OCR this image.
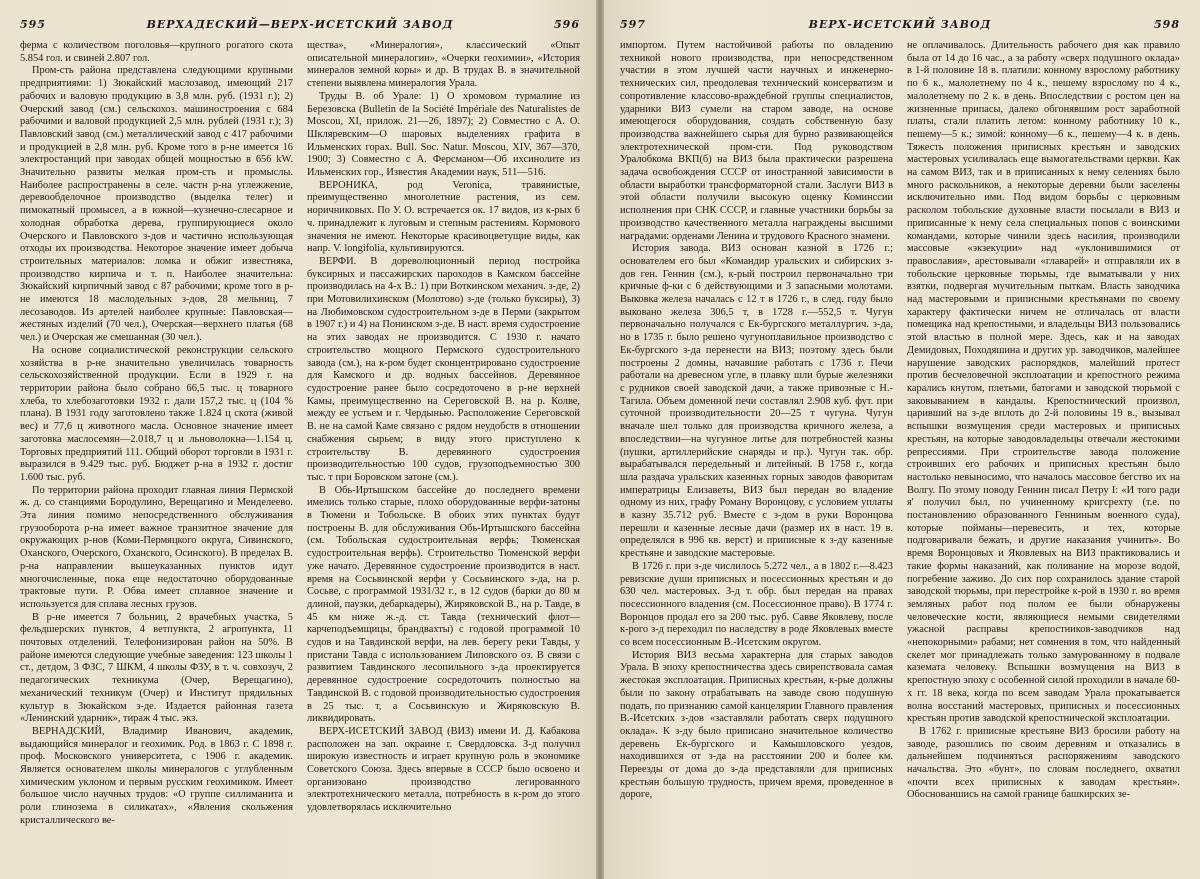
595	ВЕРХАДЕСКИЙ—ВЕРХ-ИСЕТСКИЙ ЗАВОД	596

ферма с количеством поголовья—крупного рогатого скота 5.854 гол. и свиней 2.807 гол.

Пром-сть района представлена следующими крупными предприятиями: 1) Зюкайский маслозавод, имеющий 217 рабочих и валовую продукцию в 3,8 млн. руб. (1931 г.); 2) Очерский завод (см.) сельскохоз. машиностроения с 684 рабочими и валовой продукцией 2,5 млн. рублей (1931 г.); 3) Павловский завод (см.) металлический завод с 417 рабочими и продукцией в 2,8 млн. руб. Кроме того в р-не имеется 16 электростанций при заводах общей мощностью в 656 kW. Значительно развиты мелкая пром-сть и промыслы. Наиболее распространены в селе. частн р-на углежжение, деревообделочное производство (выделка телег) и пимокатный промысел, а в южной—кузнечно-слесарное и холодная обработка дерева, группирующиеся около Очерского и Павловского з-дов и частично использующая отходы их производства. Некоторое значение имеет добыча строительных материалов: ломка и обжиг известняка, производство кирпича и т. п. Наиболее значительна: Зюкайский кирпичный завод с 87 рабочими; кроме того в р-не имеются 18 маслодельных з-дов, 28 мельниц, 7 лесозаводов. Из артелей наиболее крупные: Павловская—жестяных изделий (70 чел.), Очерская—верхнего платья (68 чел.) и Очерская же смешанная (30 чел.).

На основе социалистической реконструкции сельского хозяйства в р-не значительно увеличилась товарность сельскохозяйственной продукции. Если в 1929 г. на территории района было собрано 66,5 тыс. ц товарного хлеба, то хлебозаготовки 1932 г. дали 157,2 тыс. ц (104 % плана). В 1931 году заготовлено также 1.824 ц скота (живой вес) и 77,6 ц животного масла. Основное значение имеет заготовка маслосемян—2.018,7 ц и льноволокна—1.154 ц. Торговых предприятий 111. Общий оборот торговли в 1931 г. выразился в 9.429 тыс. руб. Бюджет р-на в 1932 г. достиг 1.600 тыс. руб.

По территории района проходит главная линия Пермской ж. д. со станциями Бородулино, Верещагино и Менделеево. Эта линия помимо непосредственного обслуживания грузооборота р-на имеет важное транзитное значение для окружающих р-нов (Коми-Пермяцкого округа, Сивинского, Оханского, Очерского, Оханского, Осинского). В пределах В. р-на направлении вышеуказанных пунктов идут многочисленные, пока еще недостаточно оборудованные трактовые пути. Р. Обва имеет сплавное значение и используется для сплава лесных грузов.

В р-не имеется 7 больниц, 2 врачебных участка, 5 фельдшерских пунктов, 4 ветпункта, 2 агропункта, 11 почтовых отделений. Телефонизирован район на 50%. В районе имеются следующие учебные заведения: 123 школы 1 ст., детдом, 3 ФЗС, 7 ШКМ, 4 школы ФЗУ, в т. ч. совхозуч, 2 педагогических техникума (Очер, Верещагино), механический техникум (Очер) и Институт прядильных культур в Зюкайском з-де. Издается районная газета «Ленинский ударник», тираж 4 тыс. экз.

ВЕРНАДСКИЙ, Владимир Иванович, академик, выдающийся минералог и геохимик. Род. в 1863 г. С 1898 г. проф. Московского университета, с 1906 г. академик. Является основателем школы минералогов с углубленным химическим уклоном и первым русским геохимиком. Имеет большое число научных трудов: «О группе силлиманита и роли глинозема в силикатах», «Явления скольжения кристаллического ве-

щества», «Минералогия», классический «Опыт описательной минералогии», «Очерки геохимии», «История минералов земной коры» и др. В трудах В. в значительной степени выявлена минералогия Урала.

Труды В. об Урале: 1) О хромовом турмалине из Березовска (Bulletin de la Société Impériale des Naturalistes de Moscou, XI, прилож. 21—26, 1897); 2) Совместно с А. О. Шкляревским—О шаровых выделениях графита в Ильменских горах. Bull. Soc. Natur. Moscou, XIV, 367—370, 1900; 3) Совместно с А. Ферсманом—Об ихсинолите из Ильменских гор., Известия Академии наук, 511—516.

ВЕРОНИКА, род Veronica, травянистые, преимущественно многолетние растения, из сем. норичниковых. По У. О. встречается ок. 17 видов, из к-рых 6 ч. принадлежит к луговым и степным растениям. Кормового значения не имеют. Некоторые красивоцветущие виды, как напр. V. longifolia, культивируются.

ВЕРФИ. В дореволюционный период постройка буксирных и пассажирских пароходов в Камском бассейне производилась на 4-х В.: 1) при Воткинском механич. з-де, 2) при Мотовилихинском (Молотово) з-де (только буксиры), 3) на Любимовском судостроительном з-де в Перми (закрытом в 1907 г.) и 4) на Понинском з-де. В наст. время судостроение на этих заводах не производится. С 1930 г. начато строительство мощного Пермского судостроительного завода (см.), на к-ром будет сконцентрировано судостроение для Камского и др. водных бассейнов. Деревянное судостроение ранее было сосредоточено в р-не верхней Камы, преимущественно на Сереговской В. на р. Колве, между ее устьем и г. Чердынью. Расположение Сереговской В. не на самой Каме связано с рядом неудобств в отношении снабжения сырьем; в виду этого приступлено к строительству В. деревянного судостроения производительностью 100 судов, грузоподъемностью 300 тыс. т при Боровском затоне (см.).

В Обь-Иртышском бассейне до последнего времени имелись только старые, плохо оборудованные верфи-затоны в Тюмени и Тобольске. В обоих этих пунктах будут построены В. для обслуживания Обь-Иртышского бассейна (см. Тобольская судостроительная верфь; Тюменская судостроительная верфь). Строительство Тюменской верфи уже начато. Деревянное судостроение производится в наст. время на Сосьвинской верфи у Сосьвинского з-да, на р. Сосьве, с программой 1931/32 г., в 12 судов (барки до 80 м длиной, паузки, дебаркадеры), Жиряковской В., на р. Тавде, в 45 км ниже ж.-д. ст. Тавда (технический флот—карчеподъемщицы, брандвахты) с годовой программой 10 судов и на Тавдинской верфи, на лев. берегу реки Тавды, у пристани Тавда с использованием Липовского оз. В связи с развитием Тавдинского лесопильного з-да проектируется деревянное судостроение сосредоточить полностью на Тавдинской В. с годовой производительностью судостроения в 25 тыс. т, а Сосьвинскую и Жиряковскую В. ликвидировать.

ВЕРХ-ИСЕТСКИЙ ЗАВОД (ВИЗ) имени И. Д. Кабакова расположен на зап. окраине г. Свердловска. З-д получил широкую известность и играет крупную роль в экономике Советского Союза. Здесь впервые в СССР было освоено и организовано производство легированного электротехнического металла, потребность в к-ром до этого удовлетворялась исключительно

597	ВЕРХ-ИСЕТСКИЙ ЗАВОД	598

импортом. Путем настойчивой работы по овладению техникой нового производства, при непосредственном участии в этом лучшей части научных и инженерно-технических сил, преодолевая технический консерватизм и сопротивление классово-враждебной группы специалистов, ударники ВИЗ сумели на старом заводе, на основе имеющегося оборудования, создать собственную базу производства важнейшего сырья для бурно развивающейся электротехнической пром-сти. Под руководством Уралобкома ВКП(б) на ВИЗ была практически разрешена задача освобождения СССР от иностранной зависимости в области выработки трансформаторной стали. Заслуги ВИЗ в этой области получили высокую оценку Коминссии исполнения при СНК СССР, и главные участники борьбы за производство качественного металла награждены высшими наградами: орденами Ленина и трудового Красного знамени.

История завода. ВИЗ основан казной в 1726 г.; основателем его был «Командир уральских и сибирских з-дов ген. Геннин (см.), к-рый построил первоначально три кричные ф-ки с 6 действующими и 3 запасными молотами. Выковка железа началась с 12 т в 1726 г., в след. году было выковано железа 306,5 т, в 1728 г.—552,5 т. Чугун первоначально получался с Ек-бургского металлургич. з-да, но в 1735 г. было решено чугуноплавильное производство с Ек-бургского з-да перенести на ВИЗ; поэтому здесь были построены 2 домны, начавшие работать с 1736 г. Печи работали на древесном угле, в плавку шли бурые железняки с рудников своей заводской дачи, а также привозные с Н.-Тагила. Объем доменной печи составлял 2.908 куб. фут. при суточной производительности 20—25 т чугуна. Чугун вначале шел только для производства кричного железа, а впоследствии—на чугунное литье для потребностей казны (пушки, артиллерийские снаряды и пр.). Чугун так. обр. вырабатывался передельный и литейный. В 1758 г., когда шла раздача уральских казенных горных заводов фаворитам императрицы Елизаветы, ВИЗ был передан во владение одному из них, графу Роману Воронцову, с условием уплаты в казну 35.712 руб. Вместе с з-дом в руки Воронцова перешли и казенные лесные дачи (размер их в наст. 19 в. определялся в 996 кв. верст) и приписные к з-ду казенные крестьяне и заводские мастеровые.

В 1726 г. при з-де числилось 5.272 чел., а в 1802 г.—8.423 ревизские души приписных и посессионных крестьян и до 630 чел. мастеровых. З-д т. обр. был передан на правах посессионного владения (см. Посессионное право). В 1774 г. Воронцов продал его за 200 тыс. руб. Савве Яковлеву, после к-рого з-д переходил по наследству в роде Яковлевых вместе со всем посессионным В.-Исетским округом.

История ВИЗ весьма характерна для старых заводов Урала. В эпоху крепостничества здесь свирепствовала самая жестокая эксплоатация. Приписных крестьян, к-рые должны были по закону отрабатывать на заводе свою подушную подать, по признанию самой канцелярии Главного правления В.-Исетских з-дов «заставляли работать сверх подушного оклада». К з-ду было приписано значительное количество деревень Ек-бургского и Камышловского уездов, находившихся от з-да на расстоянии 200 и более км. Переезды от дома до з-да представляли для приписных крестьян большую трудность, причем время, проведенное в дороге,

не оплачивалось. Длительность рабочего дня как правило была от 14 до 16 час., а за работу «сверх подушного оклада» в 1-й половине 18 в. платили: конному взрослому работнику по 6 к., малолетнему по 4 к., пешему взрослому по 4 к., малолетнему по 2 к. в день. Впоследствии с ростом цен на жизненные припасы, далеко обгонявшим рост заработной платы, стали платить летом: конному работнику 10 к., пешему—5 к.; зимой: конному—6 к., пешему—4 к. в день. Тяжесть положения приписных крестьян и заводских мастеровых усиливалась еще вымогательствами церкви. Как на самом ВИЗ, так и в приписанных к нему селениях было много раскольников, а некоторые деревни были заселены исключительно ими. Под видом борьбы с церковным расколом тобольские духовные власти посылали в ВИЗ и приписанные к нему села специальных попов с воинскими командами, которые чинили здесь насилия, производили массовые «экзекуции» над «уклонившимися от православия», арестовывали «главарей» и отправляли их в тобольские церковные тюрьмы, где выматывали у них взятки, подвергая мучительным пыткам. Власть заводчика над мастеровыми и приписными крестьянами по своему характеру фактически ничем не отличалась от власти помещика над крепостными, и владельцы ВИЗ пользовались этой властью в полной мере. Здесь, как и на заводах Демидовых, Походяшина и других ур. заводчиков, малейшее нарушение заводских распорядков, малейший протест против бесчеловечной эксплоатации и крепостного режима карались кнутом, плетьми, батогами и заводской тюрьмой с заковыванием в кандалы. Крепостнический произвол, царивший на з-де вплоть до 2-й половины 19 в., вызывал вспышки возмущения среди мастеровых и приписных крестьян, на которые заводовладельцы отвечали жестокими репрессиями. При строительстве завода положение строивших его рабочих и приписных крестьян было настолько невыносимо, что началось массовое бегство их на Волгу. По этому поводу Геннин писал Петру I: «И того ради я' получил был, по учиненному кригсрехту (т.е. по постановлению образованного Генниным военного суда), которые пойманы—перевесить, и тех, которые подговаривали бежать, и другие наказания учинить». Во время Воронцовых и Яковлевых на ВИЗ практиковались и такие формы наказаний, как поливание на морозе водой, погребение заживо. До сих пор сохранилось здание старой заводской тюрьмы, при перестройке к-рой в 1930 г. во время земляных работ под полом ее были обнаружены человеческие кости, являющиеся немыми свидетелями ужасной расправы крепостников-заводчиков над «непокорными» рабами; нет сомнения в том, что найденный скелет мог принадлежать только замурованному в подвале каземата человеку. Вспышки возмущения на ВИЗ в крепостную эпоху с особенной силой проходили в начале 60-х гг. 18 века, когда по всем заводам Урала прокатывается волна восстаний мастеровых, приписных и посессионных крестьян против заводской крепостнической эксплоатации.

В 1762 г. приписные крестьяне ВИЗ бросили работу на заводе, разошлись по своим деревням и отказались в дальнейшем подчиняться распоряжениям заводского начальства. Это «бунт», по словам последнего, охватил «почти всех приписных к заводам крестьян». Обоснованшись на самой границе башкирских зе-
